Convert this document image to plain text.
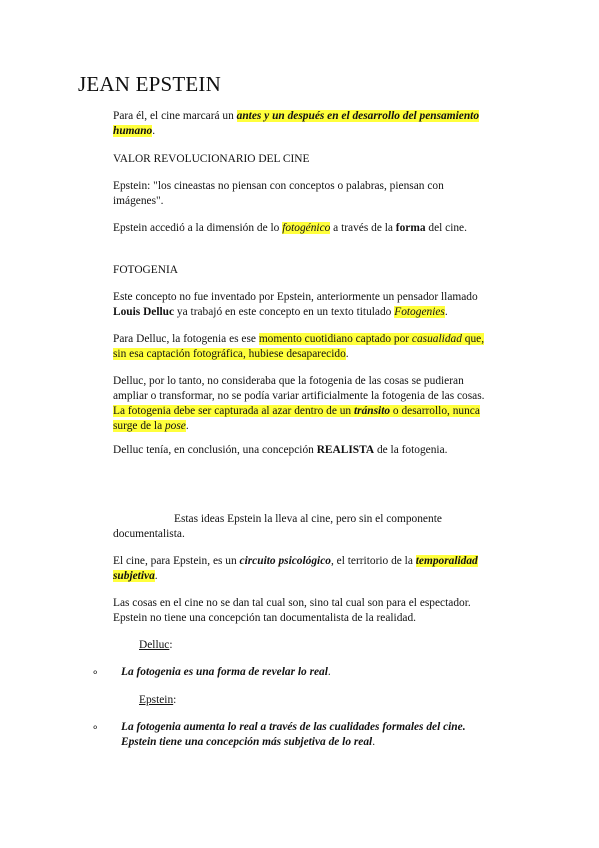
JEAN EPSTEIN
Para él, el cine marcará un antes y un después en el desarrollo del pensamiento
humano.
VALOR REVOLUCIONARIO DEL CINE
Epstein: "los cineastas no piensan con conceptos o palabras, piensan con
imágenes".
Epstein accedió a la dimensión de lo fotogénico a través de la forma del cine.
FOTOGENIA
Este concepto no fue inventado por Epstein, anteriormente un pensador llamado
Louis Delluc ya trabajó en este concepto en un texto titulado Fotogenies.
Para Delluc, la fotogenia es ese momento cuotidiano captado por casualidad que,
sin esa captación fotográfica, hubiese desaparecido.
Delluc, por lo tanto, no consideraba que la fotogenia de las cosas se pudieran
ampliar o transformar, no se podía variar artificialmente la fotogenia de las cosas.
La fotogenia debe ser capturada al azar dentro de un tránsito o desarrollo, nunca
surge de la pose.
Delluc tenía, en conclusión, una concepción REALISTA de la fotogenia.
Estas ideas Epstein la lleva al cine, pero sin el componente
documentalista.
El cine, para Epstein, es un circuito psicológico, el territorio de la temporalidad
subjetiva.
Las cosas en el cine no se dan tal cual son, sino tal cual son para el espectador.
Epstein no tiene una concepción tan documentalista de la realidad.
Delluc:
⚬ La fotogenia es una forma de revelar lo real.
Epstein:
⚬ La fotogenia aumenta lo real a través de las cualidades formales del cine.
Epstein tiene una concepción más subjetiva de lo real.
